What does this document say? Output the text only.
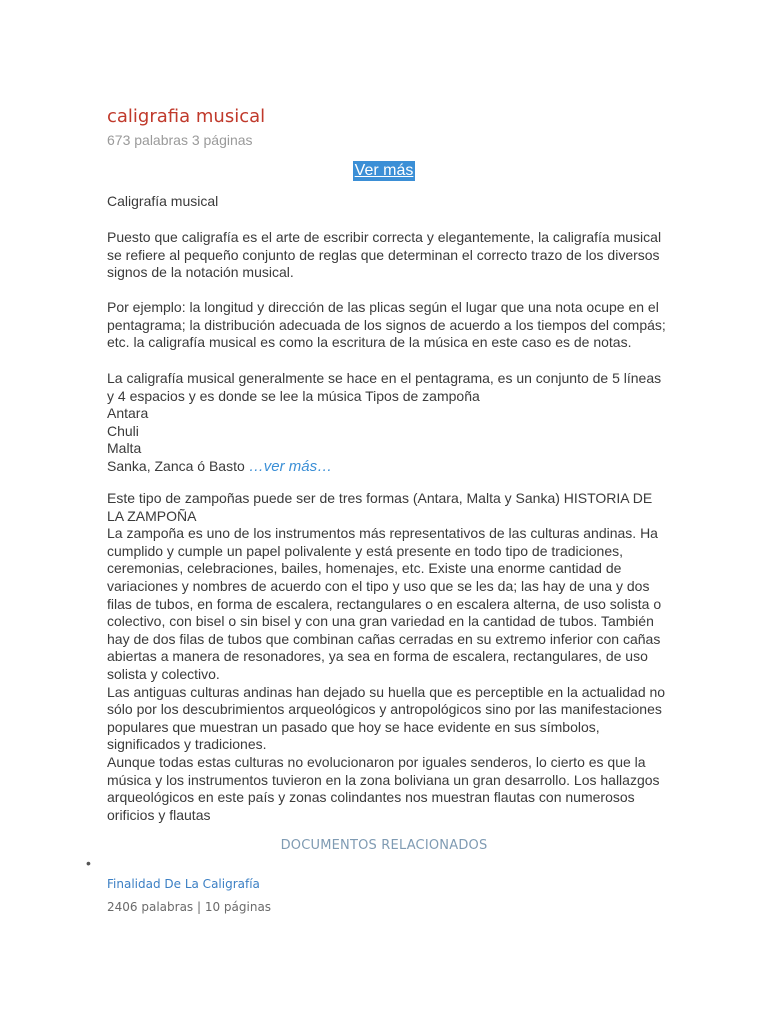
caligrafia musical
673 palabras 3 páginas
Ver más

Caligrafía musical

Puesto que caligrafía es el arte de escribir correcta y elegantemente, la caligrafía musical se refiere al pequeño conjunto de reglas que determinan el correcto trazo de los diversos signos de la notación musical.

Por ejemplo: la longitud y dirección de las plicas según el lugar que una nota ocupe en el pentagrama; la distribución adecuada de los signos de acuerdo a los tiempos del compás; etc. la caligrafía musical es como la escritura de la música en este caso es de notas.

La caligrafía musical generalmente se hace en el pentagrama, es un conjunto de 5 líneas y 4 espacios y es donde se lee la música Tipos de zampoña

Antara

Chuli

Malta

Sanka, Zanca ó Basto …ver más…

Este tipo de zampoñas puede ser de tres formas (Antara, Malta y Sanka) HISTORIA DE LA ZAMPOÑA

La zampoña es uno de los instrumentos más representativos de las culturas andinas. Ha cumplido y cumple un papel polivalente y está presente en todo tipo de tradiciones, ceremonias, celebraciones, bailes, homenajes, etc. Existe una enorme cantidad de variaciones y nombres de acuerdo con el tipo y uso que se les da; las hay de una y dos filas de tubos, en forma de escalera, rectangulares o en escalera alterna, de uso solista o colectivo, con bisel o sin bisel y con una gran variedad en la cantidad de tubos. También hay de dos filas de tubos que combinan cañas cerradas en su extremo inferior con cañas abiertas a manera de resonadores, ya sea en forma de escalera, rectangulares, de uso solista y colectivo.

Las antiguas culturas andinas han dejado su huella que es perceptible en la actualidad no sólo por los descubrimientos arqueológicos y antropológicos sino por las manifestaciones populares que muestran un pasado que hoy se hace evidente en sus símbolos, significados y tradiciones.

Aunque todas estas culturas no evolucionaron por iguales senderos, lo cierto es que la música y los instrumentos tuvieron en la zona boliviana un gran desarrollo. Los hallazgos arqueológicos en este país y zonas colindantes nos muestran flautas con numerosos orificios y flautas

DOCUMENTOS RELACIONADOS
•
Finalidad De La Caligrafía
2406 palabras | 10 páginas
